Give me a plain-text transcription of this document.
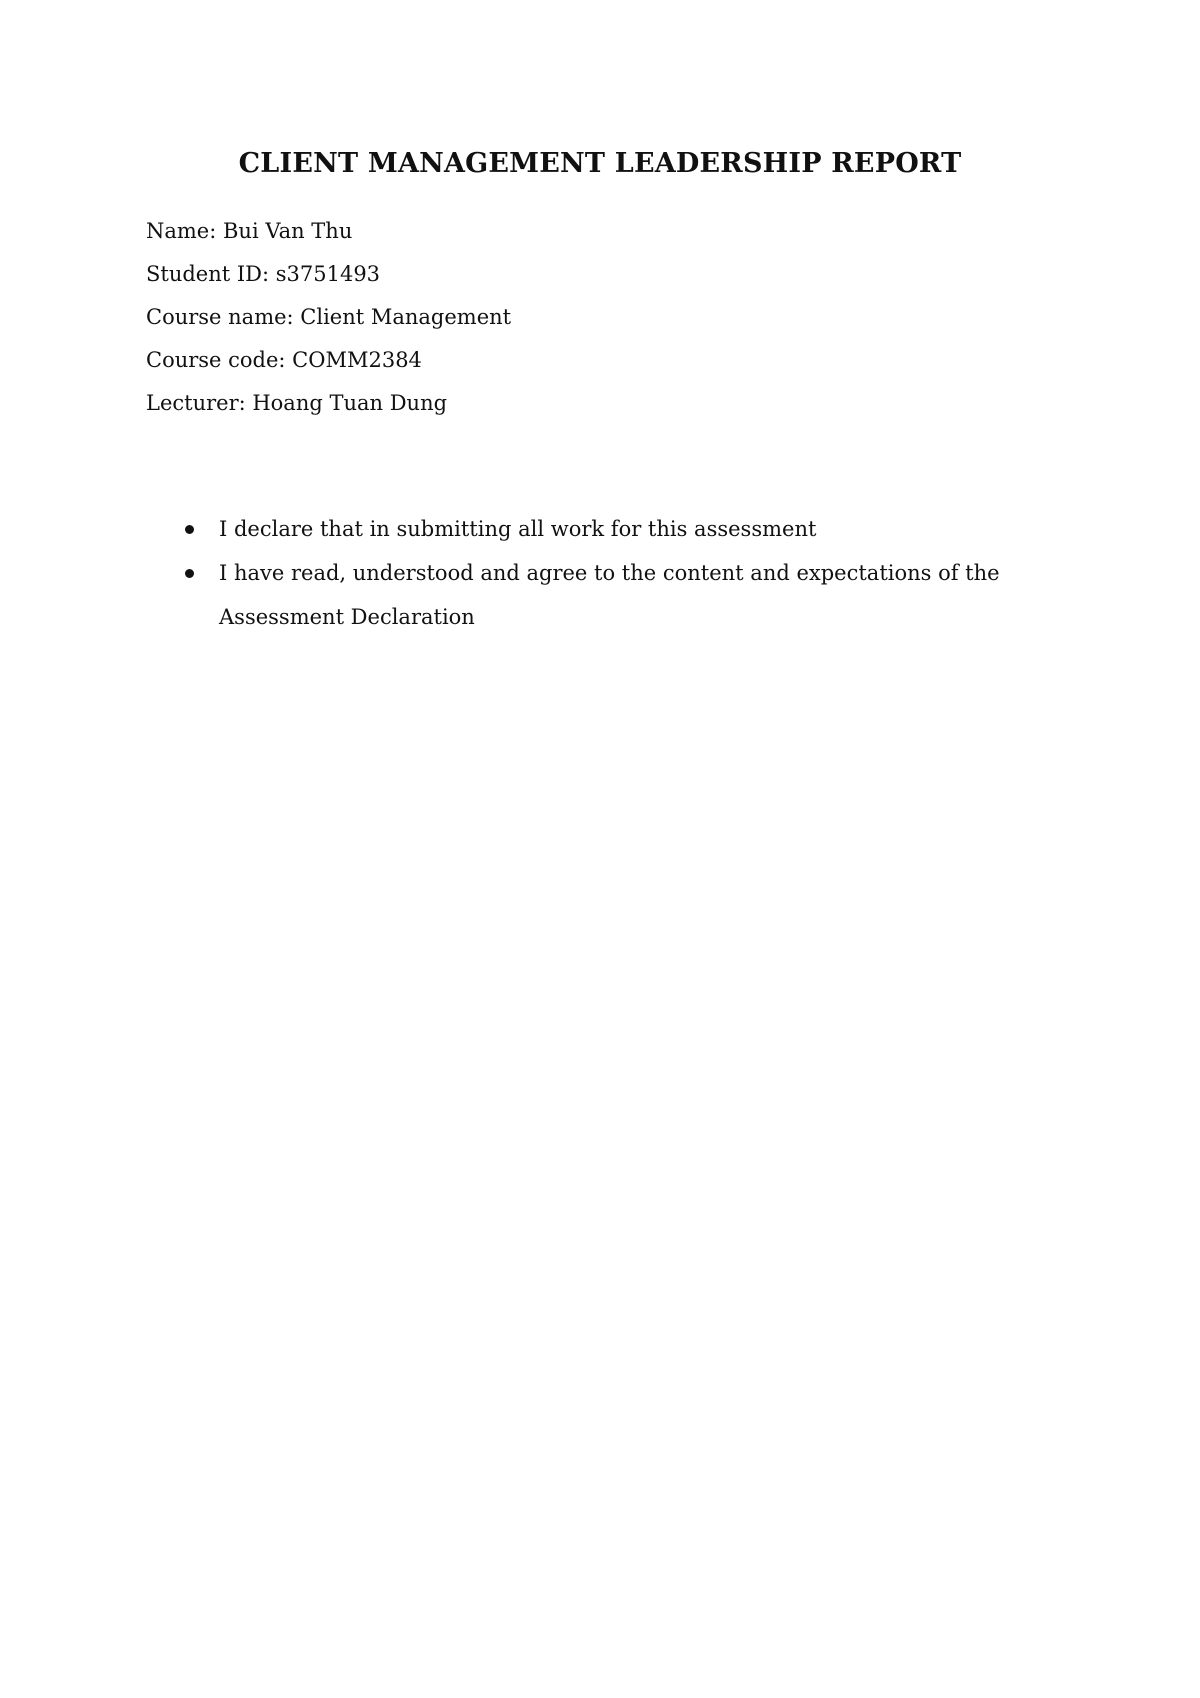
CLIENT MANAGEMENT LEADERSHIP REPORT

Name: Bui Van Thu

Student ID: s3751493

Course name: Client Management

Course code: COMM2384

Lecturer: Hoang Tuan Dung

I declare that in submitting all work for this assessment
I have read, understood and agree to the content and expectations of the Assessment Declaration
